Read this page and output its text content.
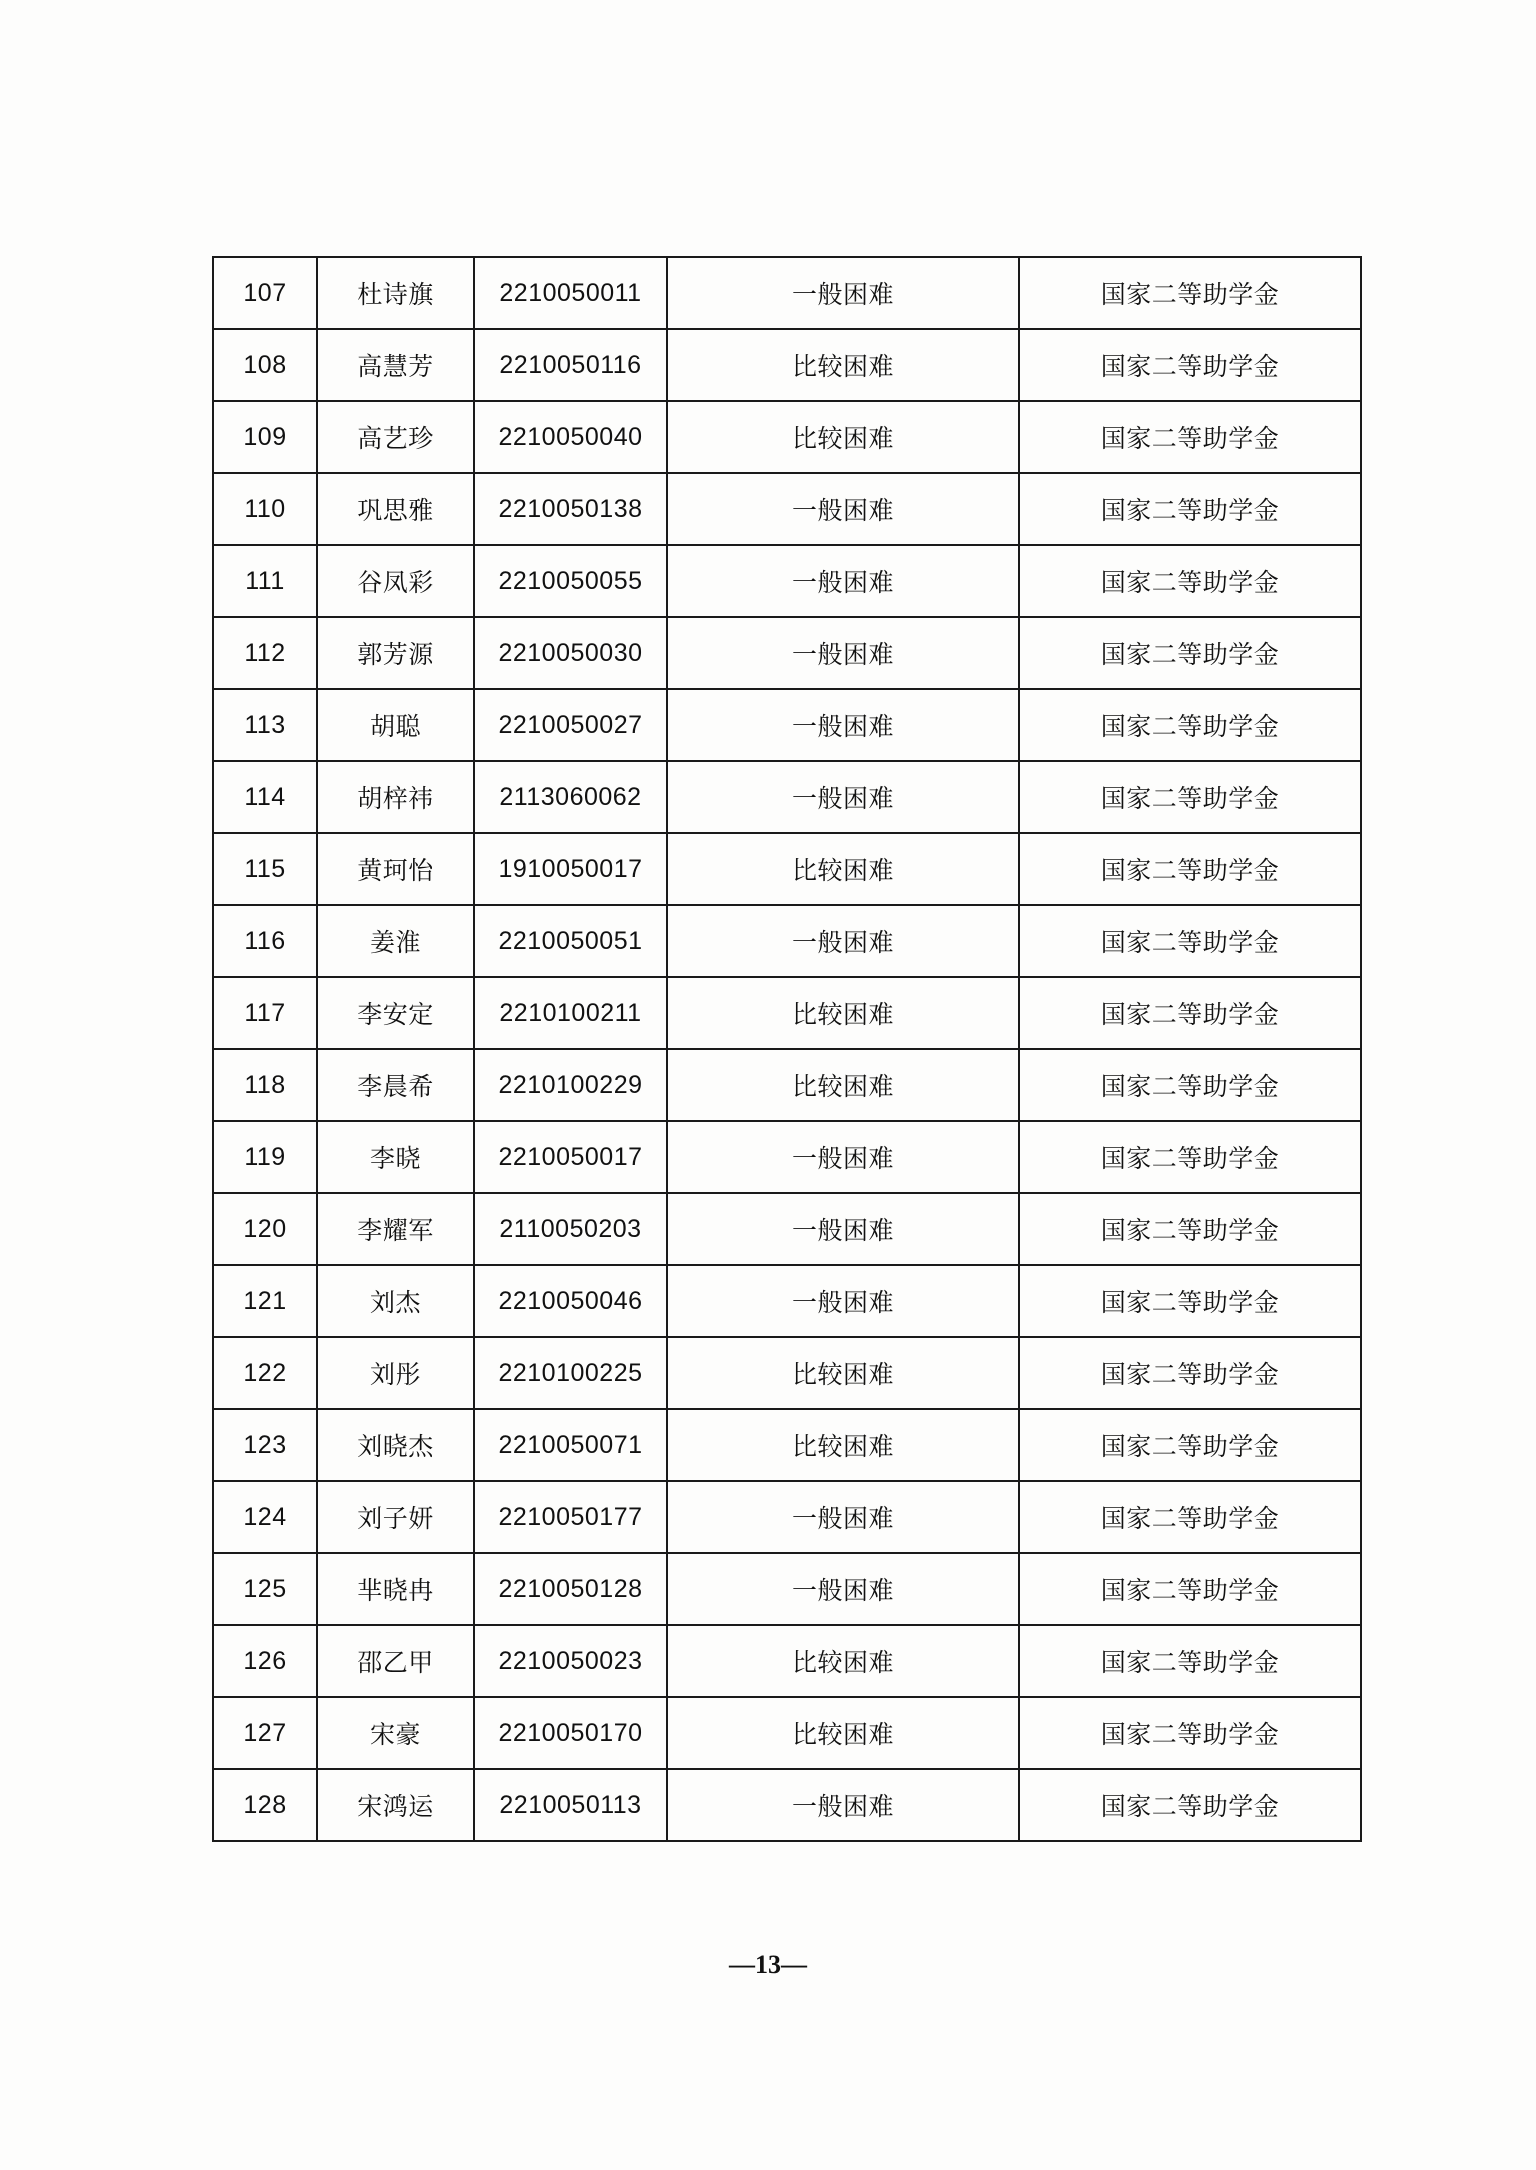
107	杜诗旗	2210050011	一般困难	国家二等助学金
108	高慧芳	2210050116	比较困难	国家二等助学金
109	高艺珍	2210050040	比较困难	国家二等助学金
110	巩思雅	2210050138	一般困难	国家二等助学金
111	谷凤彩	2210050055	一般困难	国家二等助学金
112	郭芳源	2210050030	一般困难	国家二等助学金
113	胡聪	2210050027	一般困难	国家二等助学金
114	胡梓祎	2113060062	一般困难	国家二等助学金
115	黄珂怡	1910050017	比较困难	国家二等助学金
116	姜淮	2210050051	一般困难	国家二等助学金
117	李安定	2210100211	比较困难	国家二等助学金
118	李晨希	2210100229	比较困难	国家二等助学金
119	李晓	2210050017	一般困难	国家二等助学金
120	李耀军	2110050203	一般困难	国家二等助学金
121	刘杰	2210050046	一般困难	国家二等助学金
122	刘彤	2210100225	比较困难	国家二等助学金
123	刘晓杰	2210050071	比较困难	国家二等助学金
124	刘子妍	2210050177	一般困难	国家二等助学金
125	芈晓冉	2210050128	一般困难	国家二等助学金
126	邵乙甲	2210050023	比较困难	国家二等助学金
127	宋豪	2210050170	比较困难	国家二等助学金
128	宋鸿运	2210050113	一般困难	国家二等助学金
—13—
